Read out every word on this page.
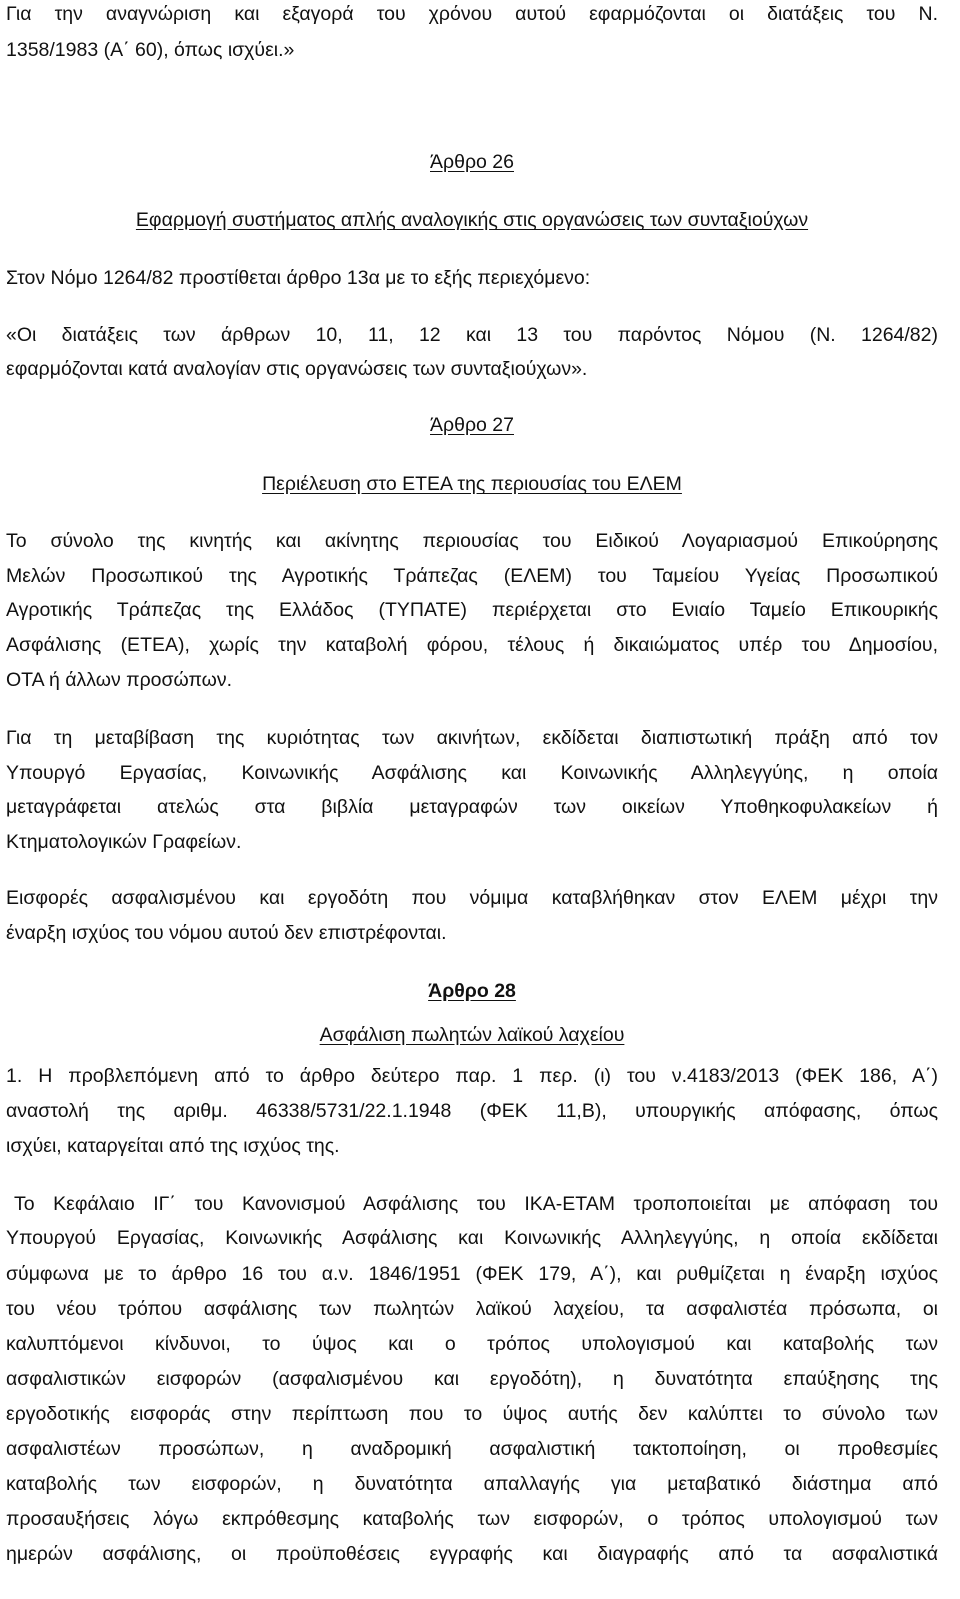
Για την αναγνώριση και εξαγορά του χρόνου αυτού εφαρμόζονται οι διατάξεις του N.
1358/1983 (Α΄ 60), όπως ισχύει.»
Άρθρο 26
Εφαρμογή συστήματος απλής αναλογικής στις οργανώσεις των συνταξιούχων
Στον Νόμο 1264/82 προστίθεται άρθρο 13α με το εξής περιεχόμενο:
«Οι διατάξεις των άρθρων 10, 11, 12 και 13 του παρόντος Νόμου (Ν. 1264/82)
εφαρμόζονται κατά αναλογίαν στις οργανώσεις των συνταξιούχων».
Άρθρο 27
Περιέλευση στο ΕΤΕΑ της περιουσίας του ΕΛΕΜ
Το σύνολο της κινητής και ακίνητης περιουσίας του Ειδικού Λογαριασμού Επικούρησης
Μελών Προσωπικού της Αγροτικής Τράπεζας (ΕΛΕΜ) του Ταμείου Υγείας Προσωπικού
Αγροτικής Τράπεζας της Ελλάδος (ΤΥΠΑΤΕ) περιέρχεται στο Ενιαίο Ταμείο Επικουρικής
Ασφάλισης (ΕΤΕΑ), χωρίς την καταβολή φόρου, τέλους ή δικαιώματος υπέρ του Δημοσίου,
ΟΤΑ ή άλλων προσώπων.
Για τη μεταβίβαση της κυριότητας των ακινήτων, εκδίδεται διαπιστωτική πράξη από τον
Υπουργό Εργασίας, Κοινωνικής Ασφάλισης και Κοινωνικής Αλληλεγγύης, η οποία
μεταγράφεται ατελώς στα βιβλία μεταγραφών των οικείων Υποθηκοφυλακείων ή
Κτηματολογικών Γραφείων.
Εισφορές ασφαλισμένου και εργοδότη που νόμιμα καταβλήθηκαν στον ΕΛΕΜ μέχρι την
έναρξη ισχύος του νόμου αυτού δεν επιστρέφονται.
Άρθρο 28
Ασφάλιση πωλητών λαϊκού λαχείου
1. Η προβλεπόμενη από το άρθρο δεύτερο παρ. 1 περ. (ι) του ν.4183/2013 (ΦΕΚ 186, Α΄)
αναστολή της αριθμ. 46338/5731/22.1.1948 (ΦΕΚ 11,Β), υπουργικής απόφασης, όπως
ισχύει, καταργείται από της ισχύος της.
Το Κεφάλαιο ΙΓ΄ του Κανονισμού Ασφάλισης του ΙΚΑ-ΕΤΑΜ τροποποιείται με απόφαση του
Υπουργού Εργασίας, Κοινωνικής Ασφάλισης και Κοινωνικής Αλληλεγγύης, η οποία εκδίδεται
σύμφωνα με το άρθρο 16 του α.ν. 1846/1951 (ΦΕΚ 179, Α΄), και ρυθμίζεται η έναρξη ισχύος
του νέου τρόπου ασφάλισης των πωλητών λαϊκού λαχείου, τα ασφαλιστέα πρόσωπα, οι
καλυπτόμενοι κίνδυνοι, το ύψος και ο τρόπος υπολογισμού και καταβολής των
ασφαλιστικών εισφορών (ασφαλισμένου και εργοδότη), η δυνατότητα επαύξησης της
εργοδοτικής εισφοράς στην περίπτωση που το ύψος αυτής δεν καλύπτει το σύνολο των
ασφαλιστέων προσώπων, η αναδρομική ασφαλιστική τακτοποίηση, οι προθεσμίες
καταβολής των εισφορών, η δυνατότητα απαλλαγής για μεταβατικό διάστημα από
προσαυξήσεις λόγω εκπρόθεσμης καταβολής των εισφορών, ο τρόπος υπολογισμού των
ημερών ασφάλισης, οι προϋποθέσεις εγγραφής και διαγραφής από τα ασφαλιστικά
